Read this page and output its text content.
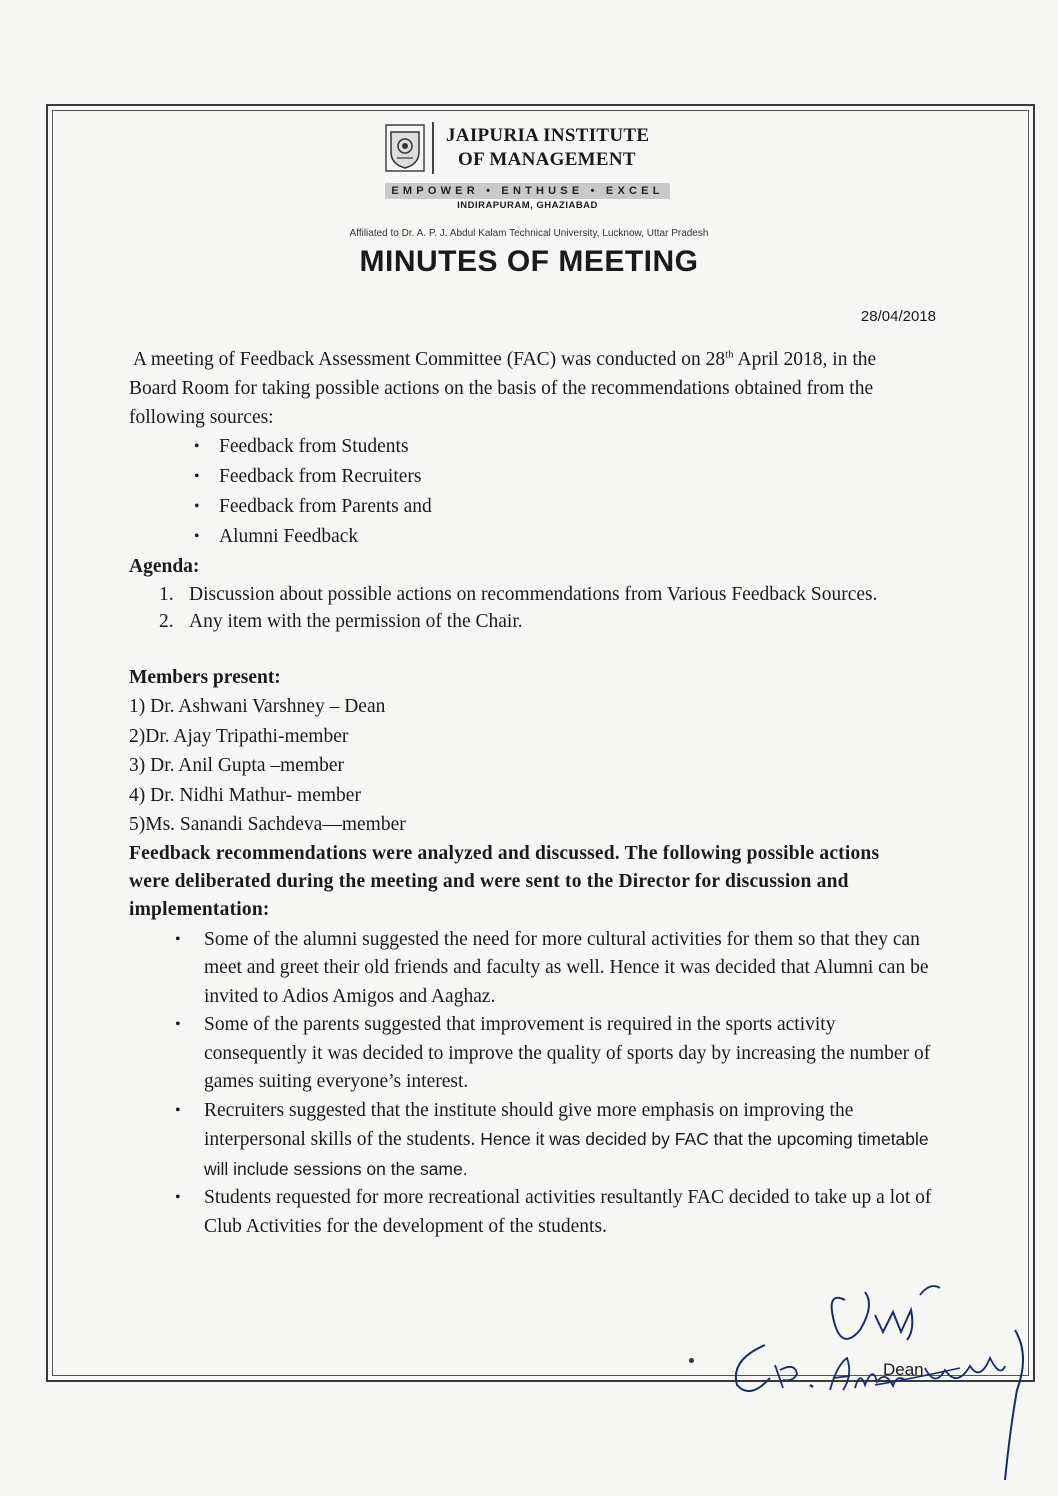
JAIPURIA INSTITUTE
OF MANAGEMENT
EMPOWER • ENTHUSE • EXCEL
INDIRAPURAM, GHAZIABAD
Affiliated to Dr. A. P. J. Abdul Kalam Technical University, Lucknow, Uttar Pradesh
MINUTES OF MEETING
28/04/2018

A meeting of Feedback Assessment Committee (FAC) was conducted on 28th April 2018, in the Board Room for taking possible actions on the basis of the recommendations obtained from the following sources:

• Feedback from Students
• Feedback from Recruiters
• Feedback from Parents and
• Alumni Feedback

Agenda:

1. Discussion about possible actions on recommendations from Various Feedback Sources.
2. Any item with the permission of the Chair.

Members present:

1) Dr. Ashwani Varshney – Dean

2)Dr. Ajay Tripathi-member

3) Dr. Anil Gupta –member

4) Dr. Nidhi Mathur- member

5)Ms. Sanandi Sachdeva—member

Feedback recommendations were analyzed and discussed. The following possible actions were deliberated during the meeting and were sent to the Director for discussion and implementation:

• Some of the alumni suggested the need for more cultural activities for them so that they can meet and greet their old friends and faculty as well. Hence it was decided that Alumni can be invited to Adios Amigos and Aaghaz.
• Some of the parents suggested that improvement is required in the sports activity consequently it was decided to improve the quality of sports day by increasing the number of games suiting everyone’s interest.
• Recruiters suggested that the institute should give more emphasis on improving the interpersonal skills of the students. Hence it was decided by FAC that the upcoming timetable will include sessions on the same.
• Students requested for more recreational activities resultantly FAC decided to take up a lot of Club Activities for the development of the students.
Dean
